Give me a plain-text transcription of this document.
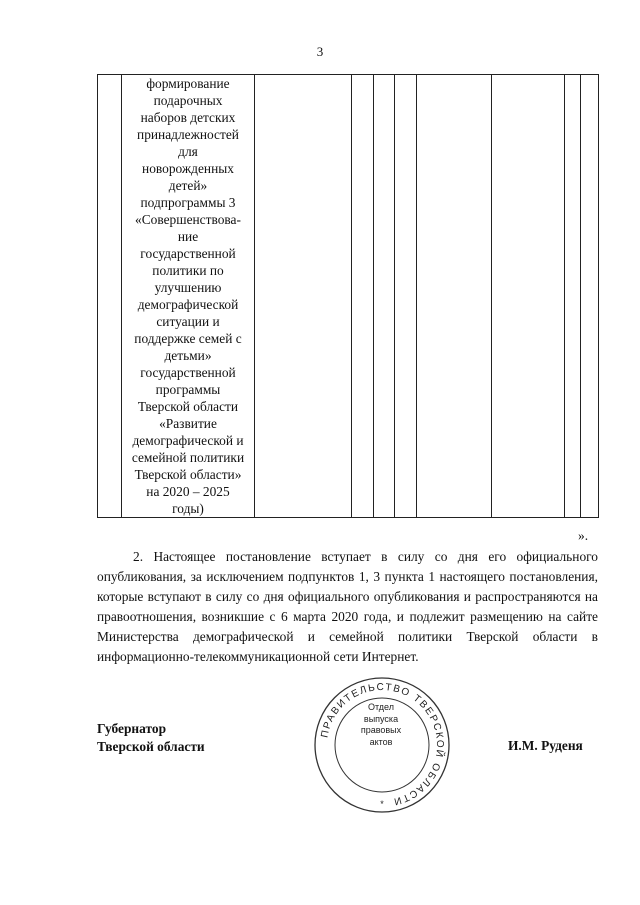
3

формирование
подарочных
наборов детских
принадлежностей
для
новорожденных
детей»
подпрограммы 3
«Совершенствова-
ние
государственной
политики по
улучшению
демографической
ситуации и
поддержке семей с
детьми»
государственной
программы
Тверской области
«Развитие
демографической и
семейной политики
Тверской области»
на 2020 – 2025
годы)

».

2. Настоящее постановление вступает в силу со дня его официального опубликования, за исключением подпунктов 1, 3 пункта 1 настоящего постановления, которые вступают в силу со дня официального опубликования и распространяются на правоотношения, возникшие с 6 марта 2020 года, и подлежит размещению на сайте Министерства демографической и семейной политики Тверской области в информационно-телекоммуникационной сети Интернет.

Губернатор
Тверской области
ПРАВИТЕЛЬСТВО ТВЕРСКОЙ ОБЛАСТИ
*
Отдел
выпуска
правовых
актов	И.М. Руденя
